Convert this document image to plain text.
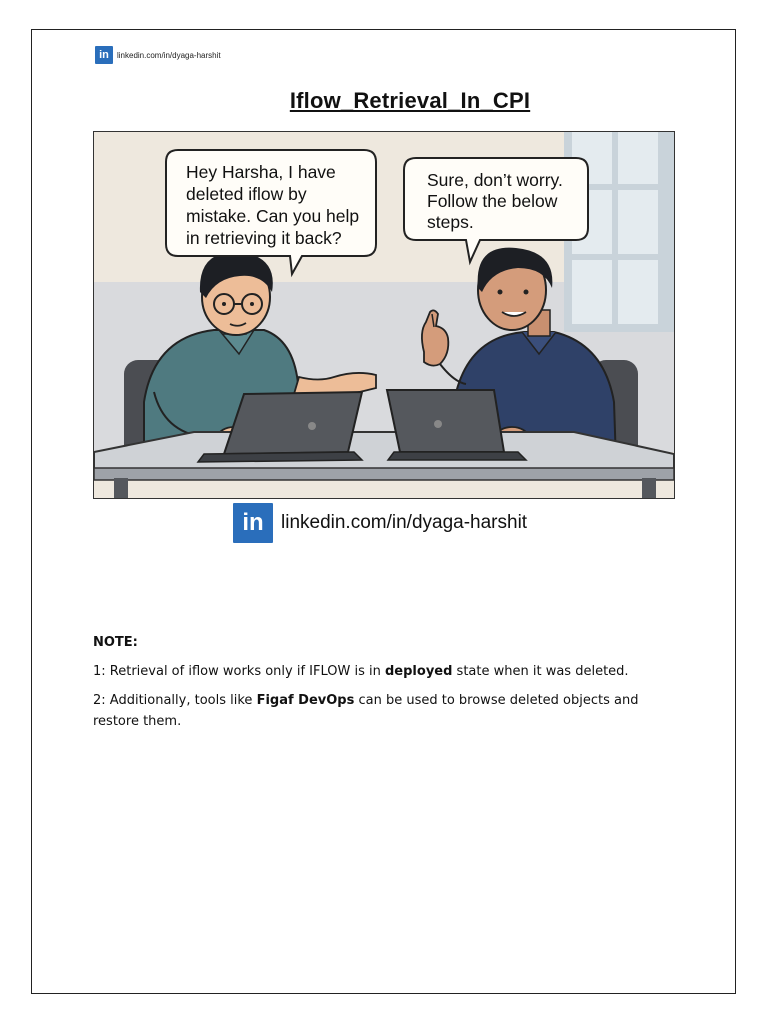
in	linkedin.com/in/dyaga-harshit
Iflow_Retrieval_In_CPI
Hey Harsha, I have
deleted iflow by
mistake. Can you help
in retrieving it back?
Sure, don’t worry.
Follow the below
steps.
in linkedin.com/in/dyaga-harshit
NOTE:

1: Retrieval of iflow works only if IFLOW is in deployed state when it was deleted.

2: Additionally, tools like Figaf DevOps can be used to browse deleted objects and restore them.
